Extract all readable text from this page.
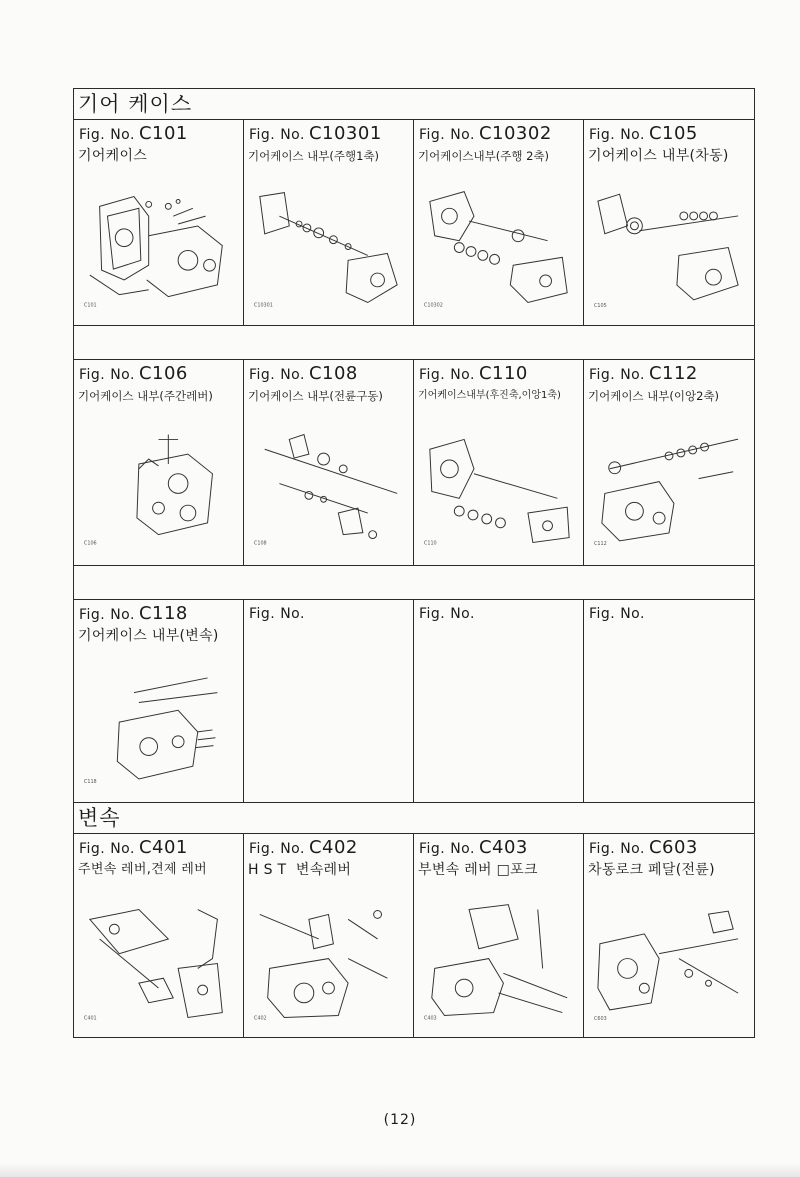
기어 케이스
Fig. No. C101
기어케이스
C101
Fig. No. C10301
기어케이스 내부(주행1축)
C10301
Fig. No. C10302
기어케이스내부(주행 2축)
C10302
Fig. No. C105
기어케이스 내부(차동)
C105
Fig. No. C106
기어케이스 내부(주간레버)
C106
Fig. No. C108
기어케이스 내부(전륜구동)
C108
Fig. No. C110
기어케이스내부(후진축,이앙1축)
C110
Fig. No. C112
기어케이스 내부(이앙2축)
C112
Fig. No. C118
기어케이스 내부(변속)
C118
Fig. No.	Fig. No.	Fig. No.
변속
Fig. No. C401
주변속 레버,견제 레버
C401
Fig. No. C402
H S T  변속레버
C402
Fig. No. C403
부변속 레버 □포크
C403
Fig. No. C603
차동로크 페달(전륜)
C603
(12)
